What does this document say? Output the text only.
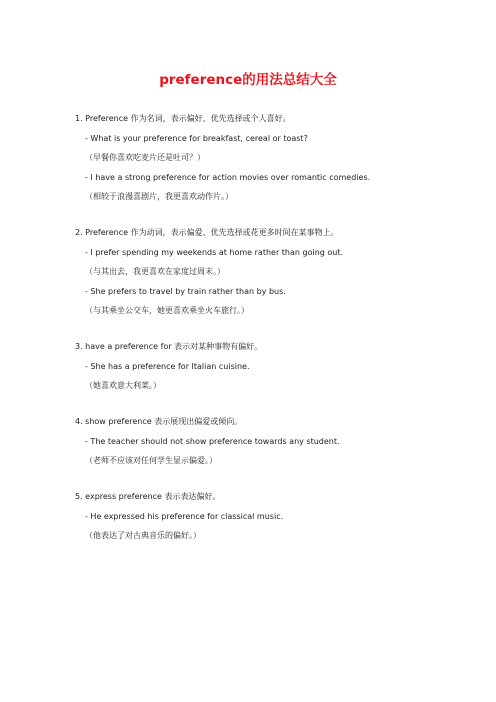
preference的用法总结大全
1. Preference 作为名词，表示偏好、优先选择或个人喜好。
- What is your preference for breakfast, cereal or toast?
（早餐你喜欢吃麦片还是吐司？）
- I have a strong preference for action movies over romantic comedies.
（相较于浪漫喜剧片，我更喜欢动作片。）
2. Preference 作为动词，表示偏爱、优先选择或花更多时间在某事物上。
- I prefer spending my weekends at home rather than going out.
（与其出去，我更喜欢在家度过周末。）
- She prefers to travel by train rather than by bus.
（与其乘坐公交车，她更喜欢乘坐火车旅行。）
3. have a preference for 表示对某种事物有偏好。
- She has a preference for Italian cuisine.
（她喜欢意大利菜。）
4. show preference 表示展现出偏爱或倾向。
- The teacher should not show preference towards any student.
（老师不应该对任何学生显示偏爱。）
5. express preference 表示表达偏好。
- He expressed his preference for classical music.
（他表达了对古典音乐的偏好。）
